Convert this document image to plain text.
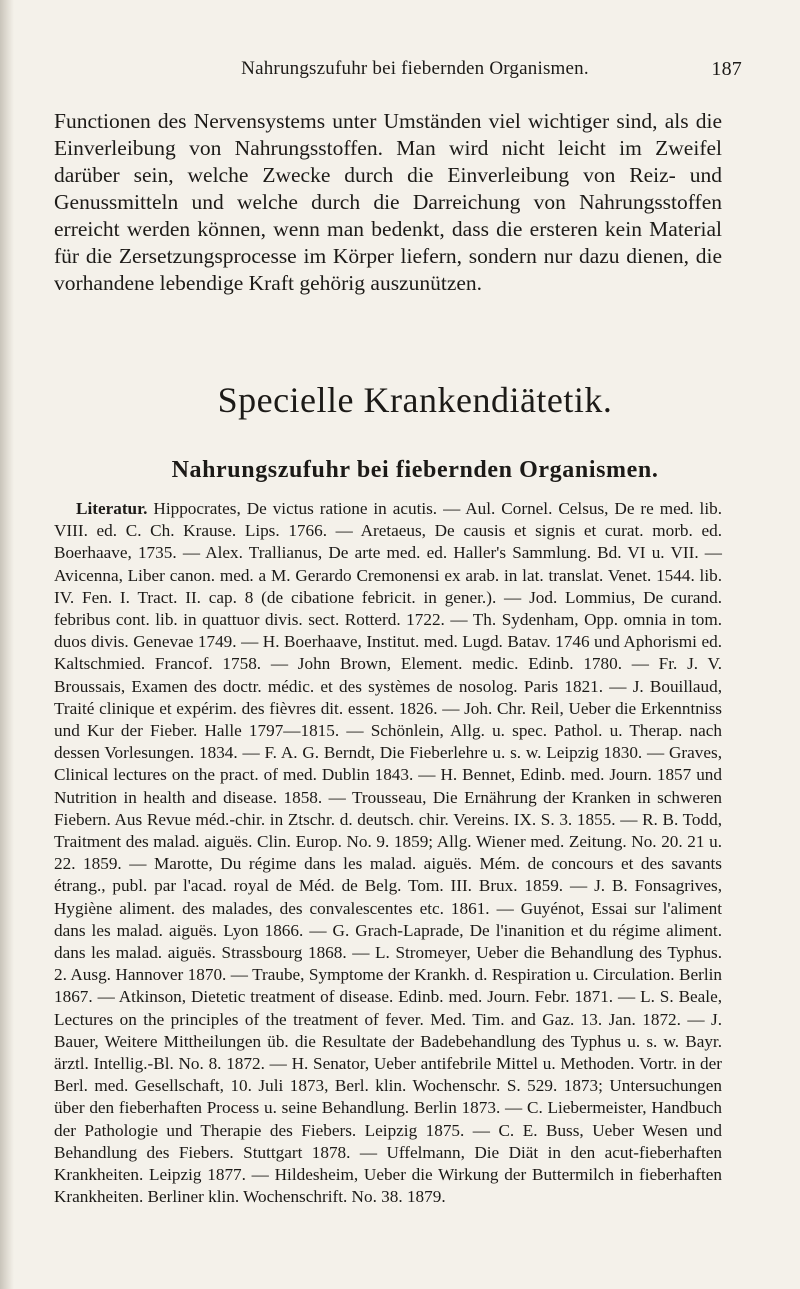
Nahrungszufuhr bei fiebernden Organismen.	187

Functionen des Nervensystems unter Umständen viel wichtiger sind, als die Einverleibung von Nahrungsstoffen. Man wird nicht leicht im Zweifel darüber sein, welche Zwecke durch die Einverleibung von Reiz- und Genussmitteln und welche durch die Darreichung von Nahrungsstoffen erreicht werden können, wenn man bedenkt, dass die ersteren kein Material für die Zersetzungsprocesse im Körper liefern, sondern nur dazu dienen, die vorhandene lebendige Kraft gehörig auszunützen.

Specielle Krankendiätetik.
Nahrungszufuhr bei fiebernden Organismen.

Literatur. Hippocrates, De victus ratione in acutis. — Aul. Cornel. Celsus, De re med. lib. VIII. ed. C. Ch. Krause. Lips. 1766. — Aretaeus, De causis et signis et curat. morb. ed. Boerhaave, 1735. — Alex. Trallianus, De arte med. ed. Haller's Sammlung. Bd. VI u. VII. — Avicenna, Liber canon. med. a M. Gerardo Cremonensi ex arab. in lat. translat. Venet. 1544. lib. IV. Fen. I. Tract. II. cap. 8 (de cibatione febricit. in gener.). — Jod. Lommius, De curand. febribus cont. lib. in quattuor divis. sect. Rotterd. 1722. — Th. Sydenham, Opp. omnia in tom. duos divis. Genevae 1749. — H. Boerhaave, Institut. med. Lugd. Batav. 1746 und Aphorismi ed. Kaltschmied. Francof. 1758. — John Brown, Element. medic. Edinb. 1780. — Fr. J. V. Broussais, Examen des doctr. médic. et des systèmes de nosolog. Paris 1821. — J. Bouillaud, Traité clinique et expérim. des fièvres dit. essent. 1826. — Joh. Chr. Reil, Ueber die Erkenntniss und Kur der Fieber. Halle 1797—1815. — Schönlein, Allg. u. spec. Pathol. u. Therap. nach dessen Vorlesungen. 1834. — F. A. G. Berndt, Die Fieberlehre u. s. w. Leipzig 1830. — Graves, Clinical lectures on the pract. of med. Dublin 1843. — H. Bennet, Edinb. med. Journ. 1857 und Nutrition in health and disease. 1858. — Trousseau, Die Ernährung der Kranken in schweren Fiebern. Aus Revue méd.-chir. in Ztschr. d. deutsch. chir. Vereins. IX. S. 3. 1855. — R. B. Todd, Traitment des malad. aiguës. Clin. Europ. No. 9. 1859; Allg. Wiener med. Zeitung. No. 20. 21 u. 22. 1859. — Marotte, Du régime dans les malad. aiguës. Mém. de concours et des savants étrang., publ. par l'acad. royal de Méd. de Belg. Tom. III. Brux. 1859. — J. B. Fonsagrives, Hygiène aliment. des malades, des convalescentes etc. 1861. — Guyénot, Essai sur l'aliment dans les malad. aiguës. Lyon 1866. — G. Grach-Laprade, De l'inanition et du régime aliment. dans les malad. aiguës. Strassbourg 1868. — L. Stromeyer, Ueber die Behandlung des Typhus. 2. Ausg. Hannover 1870. — Traube, Symptome der Krankh. d. Respiration u. Circulation. Berlin 1867. — Atkinson, Dietetic treatment of disease. Edinb. med. Journ. Febr. 1871. — L. S. Beale, Lectures on the principles of the treatment of fever. Med. Tim. and Gaz. 13. Jan. 1872. — J. Bauer, Weitere Mittheilungen üb. die Resultate der Badebehandlung des Typhus u. s. w. Bayr. ärztl. Intellig.-Bl. No. 8. 1872. — H. Senator, Ueber antifebrile Mittel u. Methoden. Vortr. in der Berl. med. Gesellschaft, 10. Juli 1873, Berl. klin. Wochenschr. S. 529. 1873; Untersuchungen über den fieberhaften Process u. seine Behandlung. Berlin 1873. — C. Liebermeister, Handbuch der Pathologie und Therapie des Fiebers. Leipzig 1875. — C. E. Buss, Ueber Wesen und Behandlung des Fiebers. Stuttgart 1878. — Uffelmann, Die Diät in den acut-fieberhaften Krankheiten. Leipzig 1877. — Hildesheim, Ueber die Wirkung der Buttermilch in fieberhaften Krankheiten. Berliner klin. Wochenschrift. No. 38. 1879.
